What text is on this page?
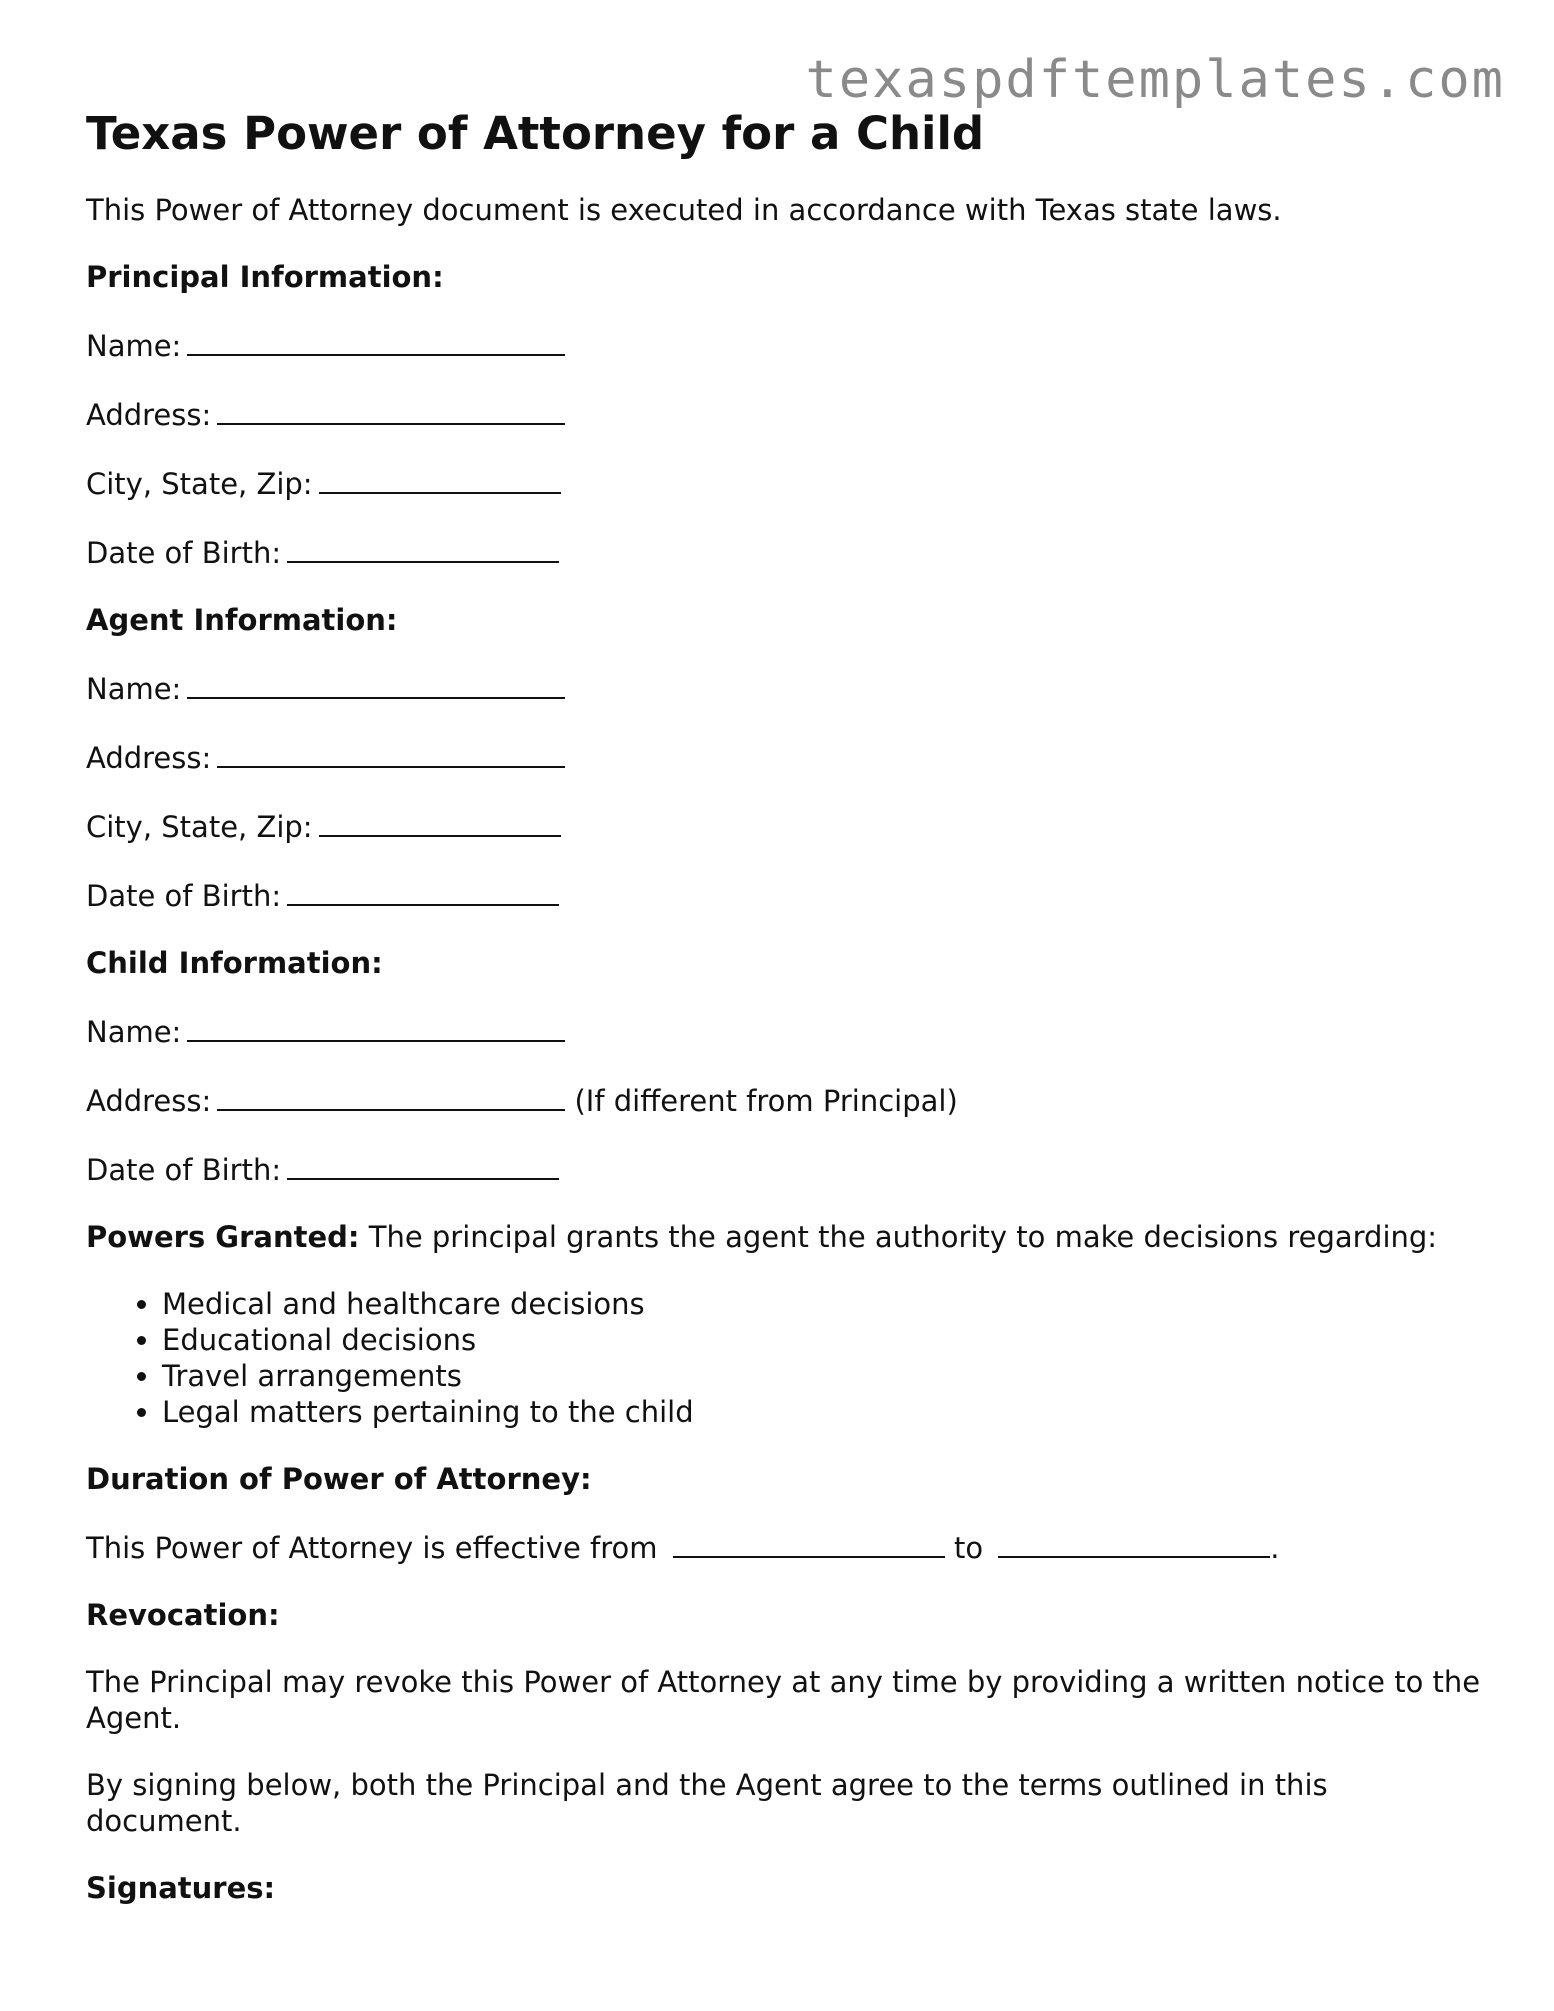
texaspdftemplates.com
Texas Power of Attorney for a Child

This Power of Attorney document is executed in accordance with Texas state laws.

Principal Information:

Name:

Address:

City, State, Zip:

Date of Birth:

Agent Information:

Name:

Address:

City, State, Zip:

Date of Birth:

Child Information:

Name:

Address:	(If different from Principal)

Date of Birth:

Powers Granted: The principal grants the agent the authority to make decisions regarding:

• Medical and healthcare decisions
• Educational decisions
• Travel arrangements
• Legal matters pertaining to the child

Duration of Power of Attorney:

This Power of Attorney is effective from	to	.

Revocation:

The Principal may revoke this Power of Attorney at any time by providing a written notice to the Agent.

By signing below, both the Principal and the Agent agree to the terms outlined in this document.

Signatures:
